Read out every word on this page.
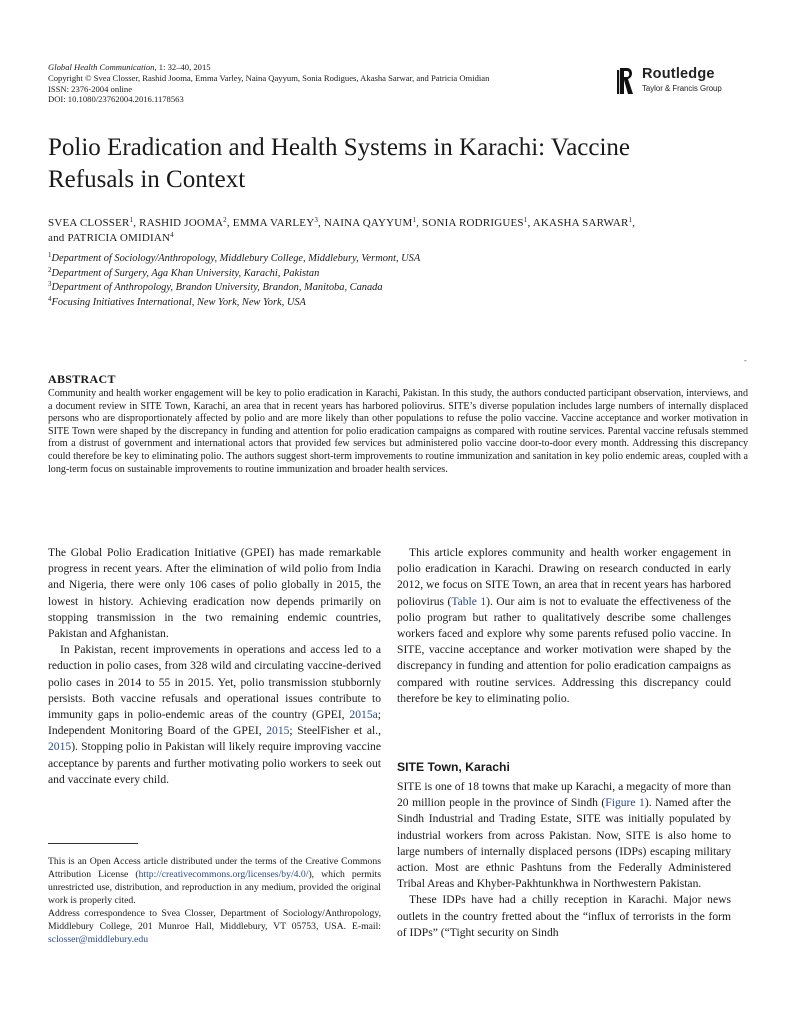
Global Health Communication, 1: 32–40, 2015
Copyright © Svea Closser, Rashid Jooma, Emma Varley, Naina Qayyum, Sonia Rodigues, Akasha Sarwar, and Patricia Omidian
ISSN: 2376-2004 online
DOI: 10.1080/23762004.2016.1178563
Routledge
Taylor & Francis Group
Polio Eradication and Health Systems in Karachi: Vaccine Refusals in Context
SVEA CLOSSER$^1$, RASHID JOOMA$^2$, EMMA VARLEY$^3$, NAINA QAYYUM$^1$, SONIA RODRIGUES$^1$, AKASHA SARWAR$^1$,
and PATRICIA OMIDIAN$^4$
$^1$Department of Sociology/Anthropology, Middlebury College, Middlebury, Vermont, USA
$^2$Department of Surgery, Aga Khan University, Karachi, Pakistan
$^3$Department of Anthropology, Brandon University, Brandon, Manitoba, Canada
$^4$Focusing Initiatives International, New York, New York, USA
-
ABSTRACT
Community and health worker engagement will be key to polio eradication in Karachi, Pakistan. In this study, the authors conducted participant observation, interviews, and a document review in SITE Town, Karachi, an area that in recent years has harbored poliovirus. SITE’s diverse population includes large numbers of internally displaced persons who are disproportionately affected by polio and are more likely than other populations to refuse the polio vaccine. Vaccine acceptance and worker motivation in SITE Town were shaped by the discrepancy in funding and attention for polio eradication campaigns as compared with routine services. Parental vaccine refusals stemmed from a distrust of government and international actors that provided few services but administered polio vaccine door-to-door every month. Addressing this discrepancy could therefore be key to eliminating polio. The authors suggest short-term improvements to routine immunization and sanitation in key polio endemic areas, coupled with a long-term focus on sustainable improvements to routine immunization and broader health services.

The Global Polio Eradication Initiative (GPEI) has made remarkable progress in recent years. After the elimination of wild polio from India and Nigeria, there were only 106 cases of polio globally in 2015, the lowest in history. Achieving eradication now depends primarily on stopping transmission in the two remaining endemic countries, Pakistan and Afghanistan.

In Pakistan, recent improvements in operations and access led to a reduction in polio cases, from 328 wild and circulating vaccine-derived polio cases in 2014 to 55 in 2015. Yet, polio transmission stubbornly persists. Both vaccine refusals and operational issues contribute to immunity gaps in polio-endemic areas of the country (GPEI, 2015a; Independent Monitoring Board of the GPEI, 2015; SteelFisher et al., 2015). Stopping polio in Pakistan will likely require improving vaccine acceptance by parents and further motivating polio workers to seek out and vaccinate every child.

This article explores community and health worker engagement in polio eradication in Karachi. Drawing on research conducted in early 2012, we focus on SITE Town, an area that in recent years has harbored poliovirus (Table 1). Our aim is not to evaluate the effectiveness of the polio program but rather to qualitatively describe some challenges workers faced and explore why some parents refused polio vaccine. In SITE, vaccine acceptance and worker motivation were shaped by the discrepancy in funding and attention for polio eradication campaigns as compared with routine services. Addressing this discrepancy could therefore be key to eliminating polio.

SITE Town, Karachi

SITE is one of 18 towns that make up Karachi, a megacity of more than 20 million people in the province of Sindh (Figure 1). Named after the Sindh Industrial and Trading Estate, SITE was initially populated by industrial workers from across Pakistan. Now, SITE is also home to large numbers of internally displaced persons (IDPs) escaping military action. Most are ethnic Pashtuns from the Federally Administered Tribal Areas and Khyber-Pakhtunkhwa in Northwestern Pakistan.

These IDPs have had a chilly reception in Karachi. Major news outlets in the country fretted about the “influx of terrorists in the form of IDPs” (“Tight security on Sindh

This is an Open Access article distributed under the terms of the Creative Commons Attribution License (http://creativecommons.org/licenses/by/4.0/), which permits unrestricted use, distribution, and reproduction in any medium, provided the original work is properly cited.

Address correspondence to Svea Closser, Department of Sociology/Anthropology, Middlebury College, 201 Munroe Hall, Middlebury, VT 05753, USA. E-mail: sclosser@middlebury.edu
